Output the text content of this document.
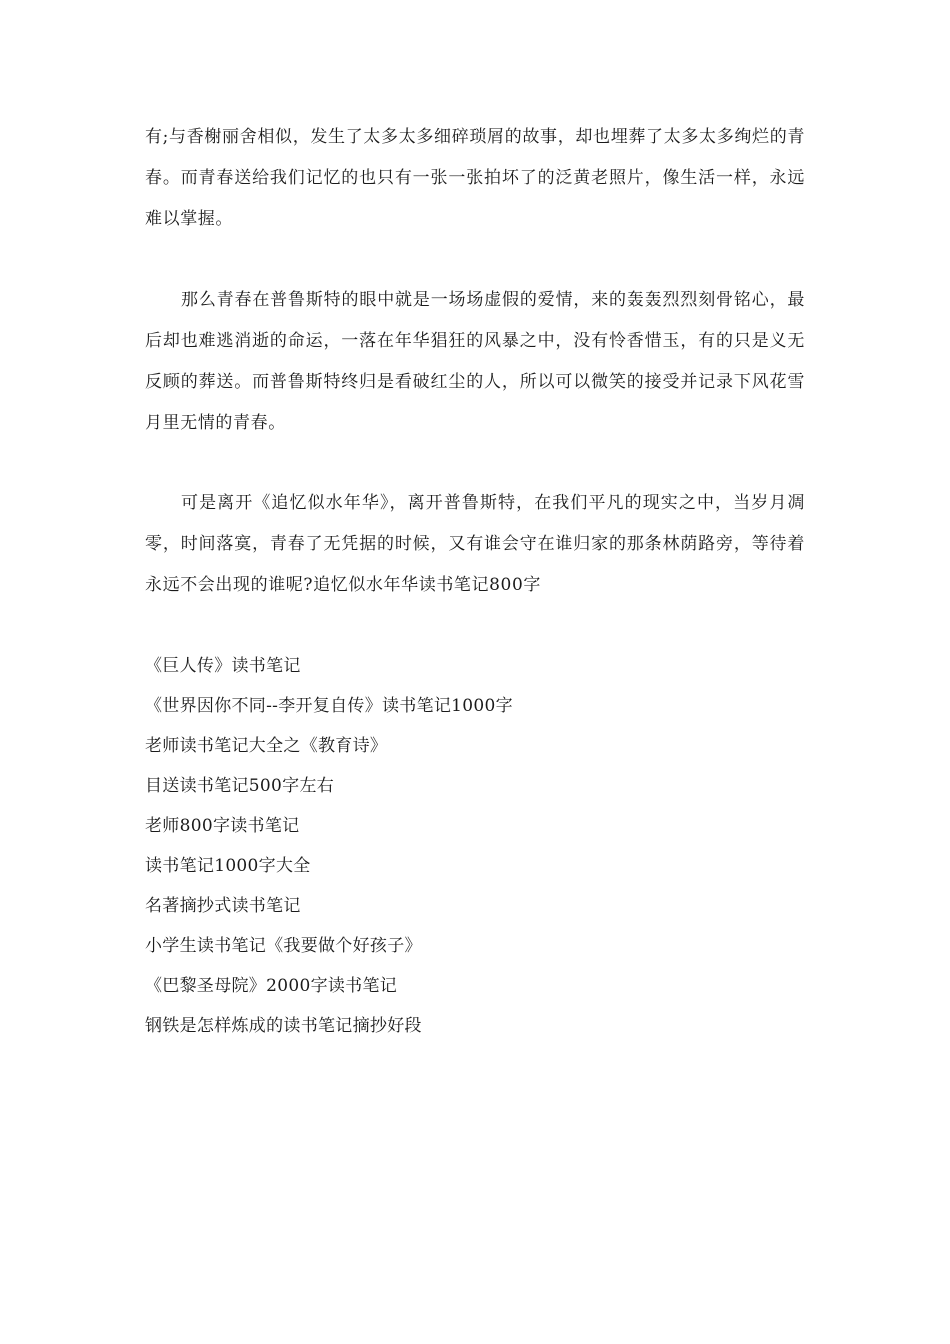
有;与香榭丽舍相似，发生了太多太多细碎琐屑的故事，却也埋葬了太多太多绚烂的青春。而青春送给我们记忆的也只有一张一张拍坏了的泛黄老照片，像生活一样，永远难以掌握。

那么青春在普鲁斯特的眼中就是一场场虚假的爱情，来的轰轰烈烈刻骨铭心，最后却也难逃消逝的命运，一落在年华猖狂的风暴之中，没有怜香惜玉，有的只是义无反顾的葬送。而普鲁斯特终归是看破红尘的人，所以可以微笑的接受并记录下风花雪月里无情的青春。

可是离开《追忆似水年华》，离开普鲁斯特，在我们平凡的现实之中，当岁月凋零，时间落寞，青春了无凭据的时候，又有谁会守在谁归家的那条林荫路旁，等待着永远不会出现的谁呢?追忆似水年华读书笔记800字

《巨人传》读书笔记
《世界因你不同--李开复自传》读书笔记1000字
老师读书笔记大全之《教育诗》
目送读书笔记500字左右
老师800字读书笔记
读书笔记1000字大全
名著摘抄式读书笔记
小学生读书笔记《我要做个好孩子》
《巴黎圣母院》2000字读书笔记
钢铁是怎样炼成的读书笔记摘抄好段
